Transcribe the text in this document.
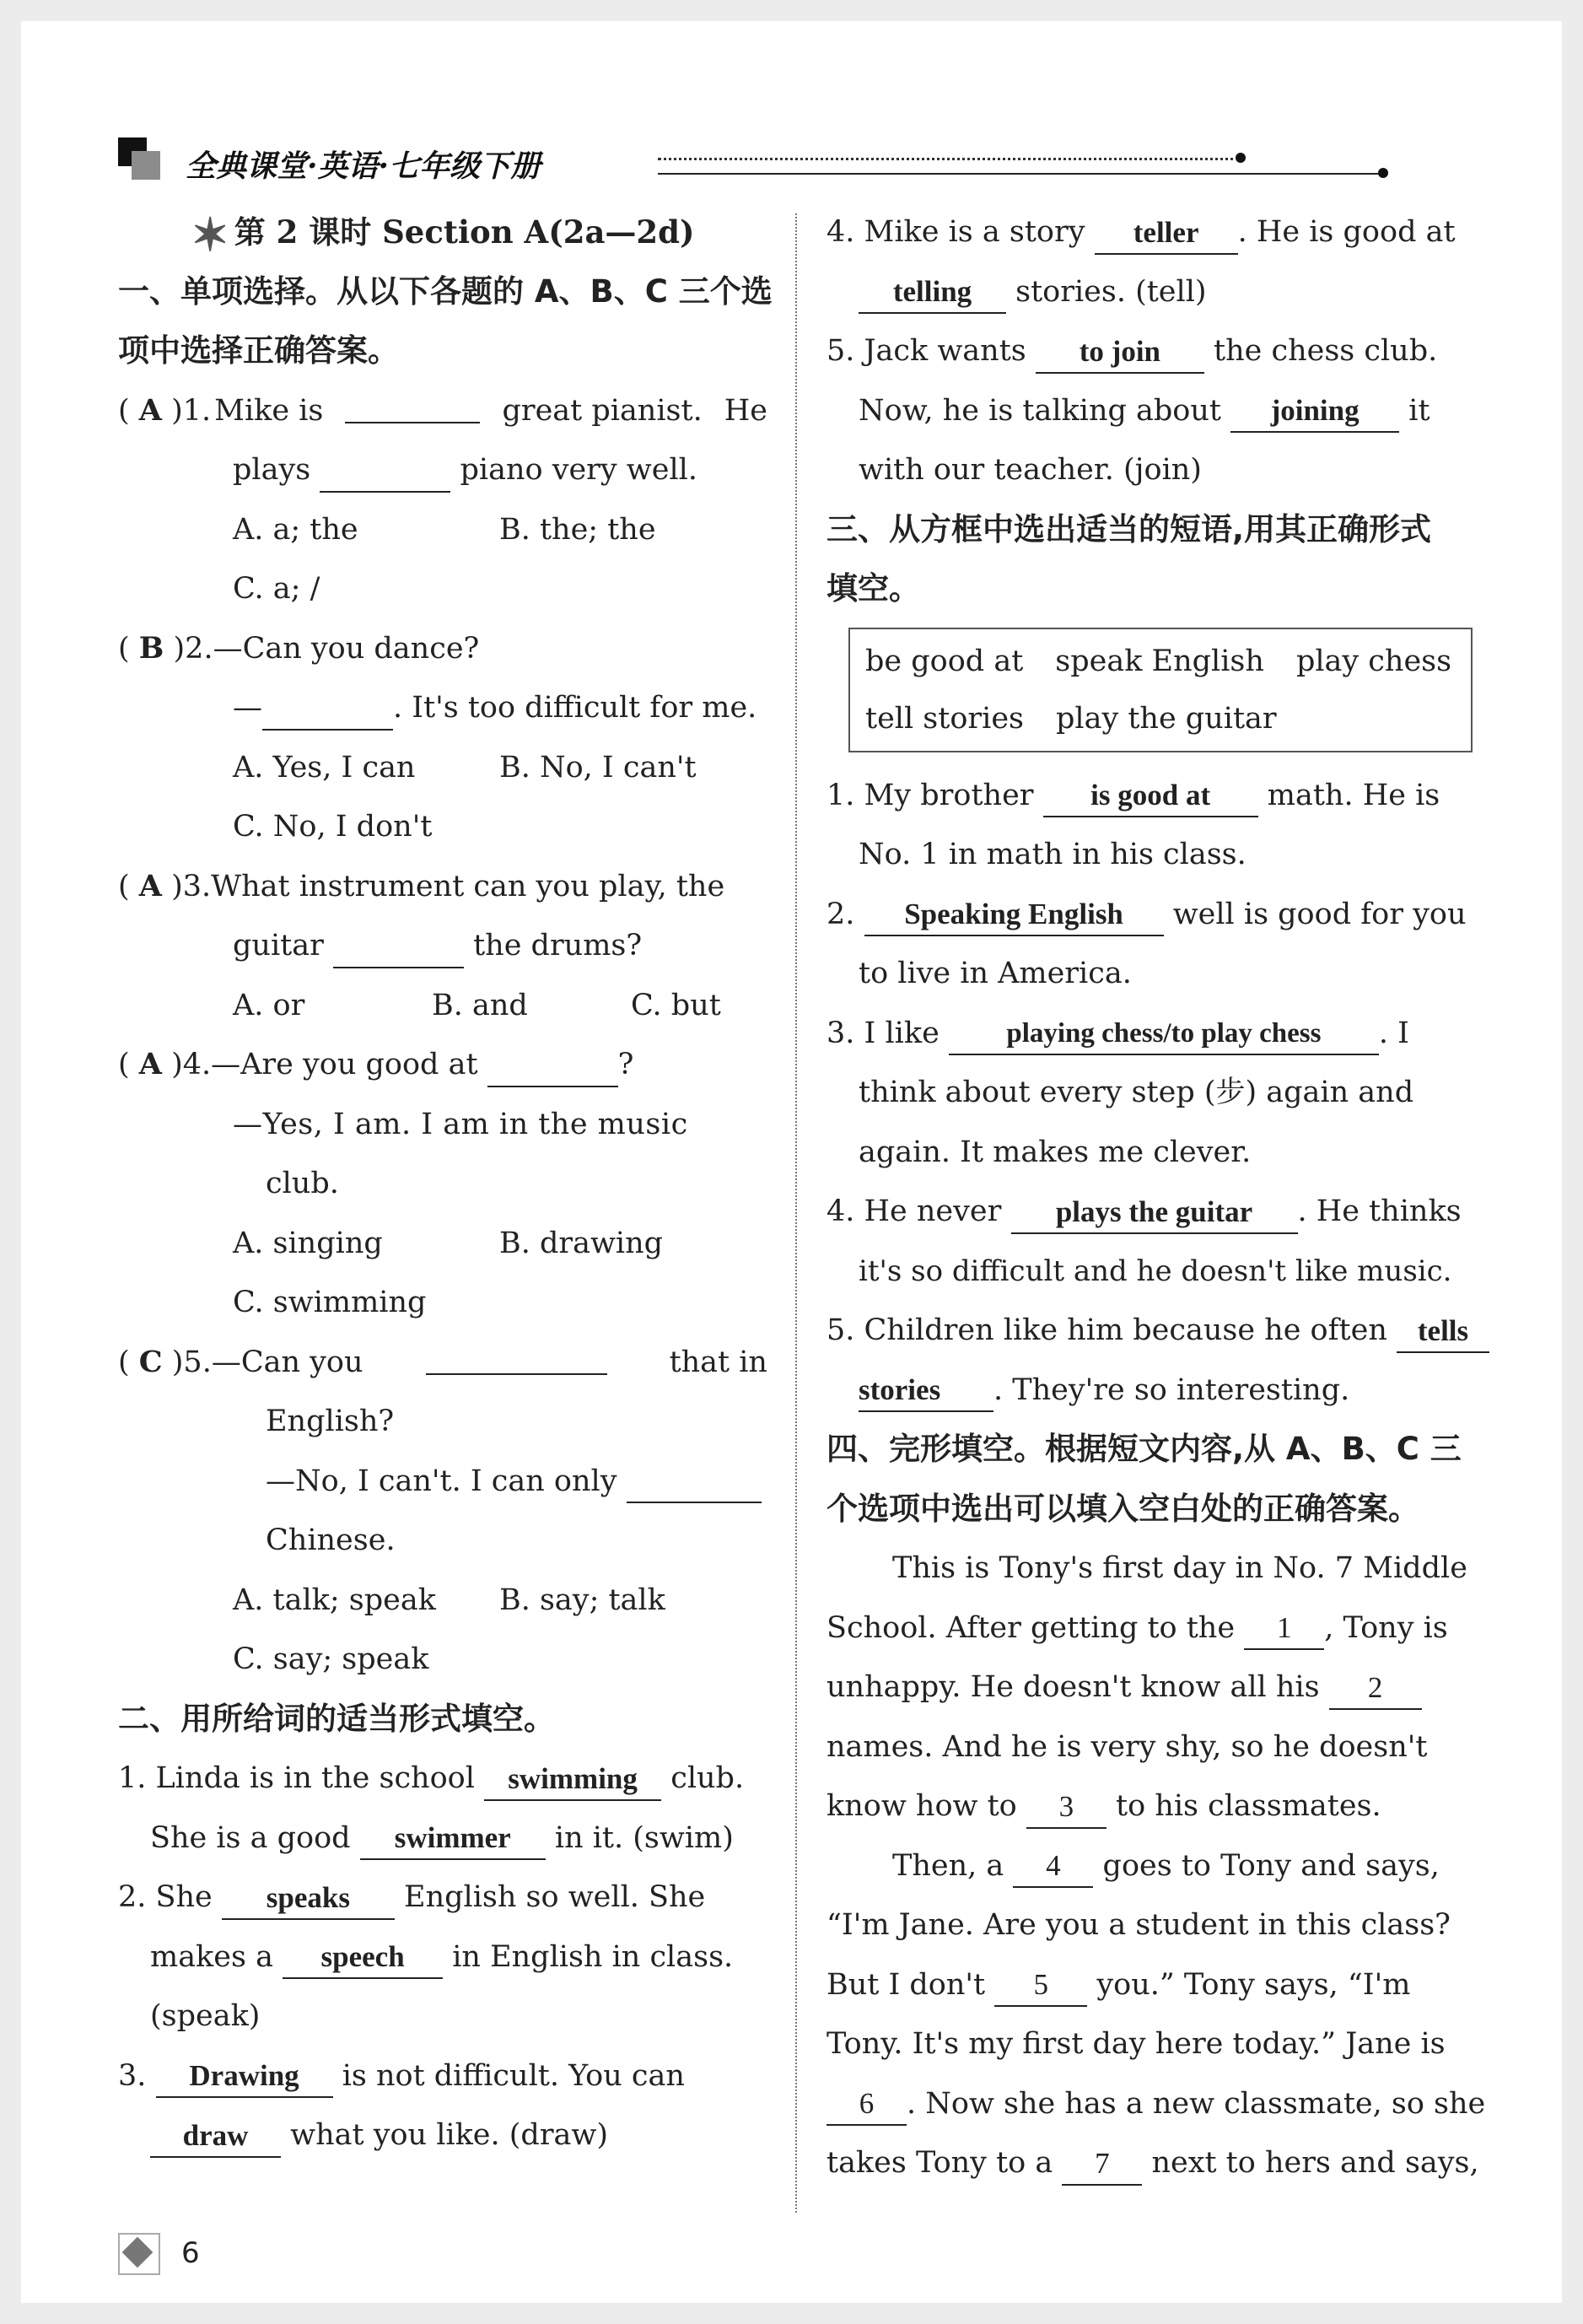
全典课堂·英语·七年级下册
✶ 第 2 课时 Section A(2a—2d)
一、单项选择。从以下各题的 A、B、C 三个选
项中选择正确答案。
( A )1. Mike is	great pianist. He
plays	piano very well.
A. a; the	B. the; the
C. a; /
( B )2.—Can you dance?
—	. It's too difficult for me.
A. Yes, I can	B. No, I can't
C. No, I don't
( A )3.What instrument can you play, the
guitar	the drums?
A. or	B. and	C. but
( A )4.—Are you good at	?
—Yes, I am. I am in the music
club.
A. singing	B. drawing
C. swimming
( C )5.—Can you	that in
English?
—No, I can't. I can only
Chinese.
A. talk; speak B. say; talk
C. say; speak
二、用所给词的适当形式填空。
1. Linda is in the school swimming club.
She is a good swimmer in it. (swim)
2. She speaks English so well. She
makes a speech in English in class.
(speak)
3. Drawing is not difficult. You can
draw what you like. (draw)
4. Mike is a story teller . He is good at
telling stories. (tell)
5. Jack wants to join the chess club.
Now, he is talking about joining it
with our teacher. (join)
三、从方框中选出适当的短语,用其正确形式
填空。
be good at speak English play chess
tell stories play the guitar
1. My brother is good at math. He is
No. 1 in math in his class.
2. Speaking English well is good for you
to live in America.
3. I like playing chess/to play chess . I
think about every step (步) again and
again. It makes me clever.
4. He never plays the guitar . He thinks
it's so difficult and he doesn't like music.
5. Children like him because he often tells
stories . They're so interesting.
四、完形填空。根据短文内容,从 A、B、C 三
个选项中选出可以填入空白处的正确答案。
This is Tony's first day in No. 7 Middle
School. After getting to the 1 , Tony is
unhappy. He doesn't know all his 2
names. And he is very shy, so he doesn't
know how to 3 to his classmates.
Then, a 4 goes to Tony and says,
“I'm Jane. Are you a student in this class?
But I don't 5 you.” Tony says, “I'm
Tony. It's my first day here today.” Jane is
6 . Now she has a new classmate, so she
takes Tony to a 7 next to hers and says,
6
